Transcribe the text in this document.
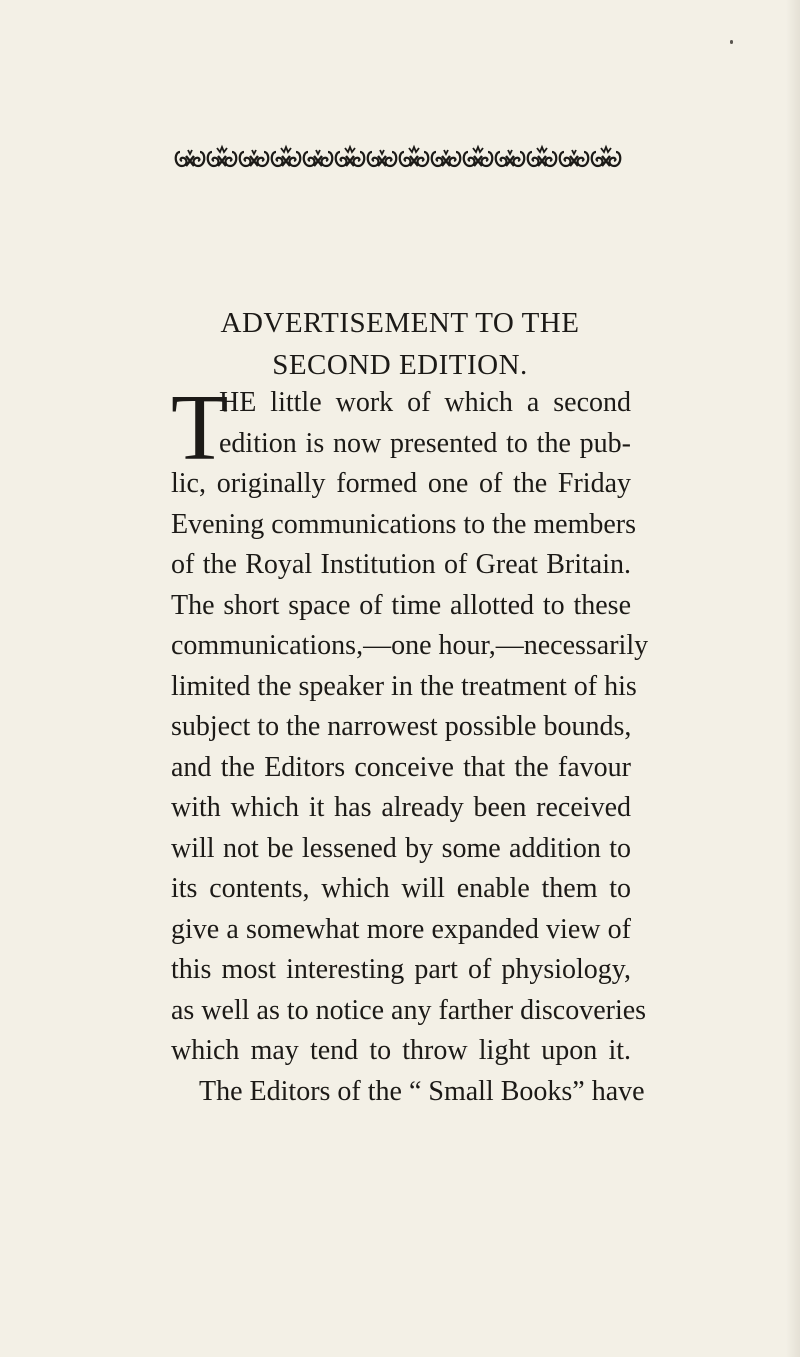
ADVERTISEMENT TO THE
SECOND EDITION.
T
HE little work of which a second
edition is now presented to the pub-
lic, originally formed one of the Friday
Evening communications to the members
of the Royal Institution of Great Britain.
The short space of time allotted to these
communications,—one hour,—necessarily
limited the speaker in the treatment of his
subject to the narrowest possible bounds,
and the Editors conceive that the favour
with which it has already been received
will not be lessened by some addition to
its contents, which will enable them to
give a somewhat more expanded view of
this most interesting part of physiology,
as well as to notice any farther discoveries
which may tend to throw light upon it.
The Editors of the “ Small Books” have
